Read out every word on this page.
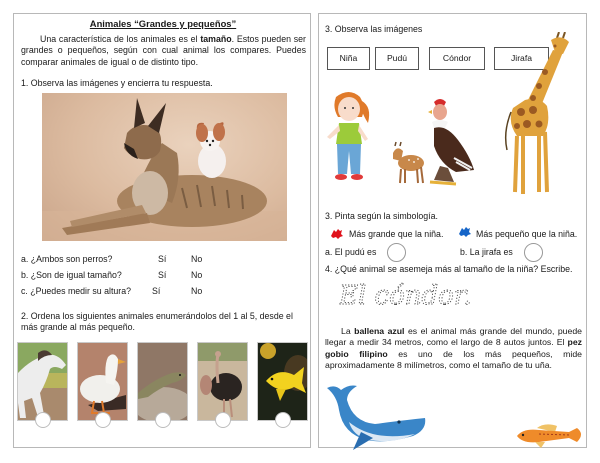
Animales “Grandes y pequeños”

Una característica de los animales es el tamaño. Estos pueden ser grandes o pequeños, según con cual animal los compares. Puedes comparar animales de igual o de distinto tipo.

1. Observa las imágenes y encierra tu respuesta.
a. ¿Ambos son perros?	Sí	No
b. ¿Son de igual tamaño?	Sí	No
c. ¿Puedes medir su altura? Sí	No
2. Ordena los siguientes animales enumerándolos del 1 al 5, desde el más grande al más pequeño.
3. Observa las imágenes
Niña	Pudú	Cóndor	Jirafa
3. Pinta según la simbología.
Más grande que la niña.	Más pequeño que la niña.
a. El pudú es	b. La jirafa es
4. ¿Qué animal se asemeja más al tamaño de la niña? Escribe.
El cóndor.

La ballena azul es el animal más grande del mundo, puede llegar a medir 34 metros, como el largo de 8 autos juntos. El pez gobio filipino es uno de los más pequeños, mide aproximadamente 8 milímetros, como el tamaño de tu uña.
